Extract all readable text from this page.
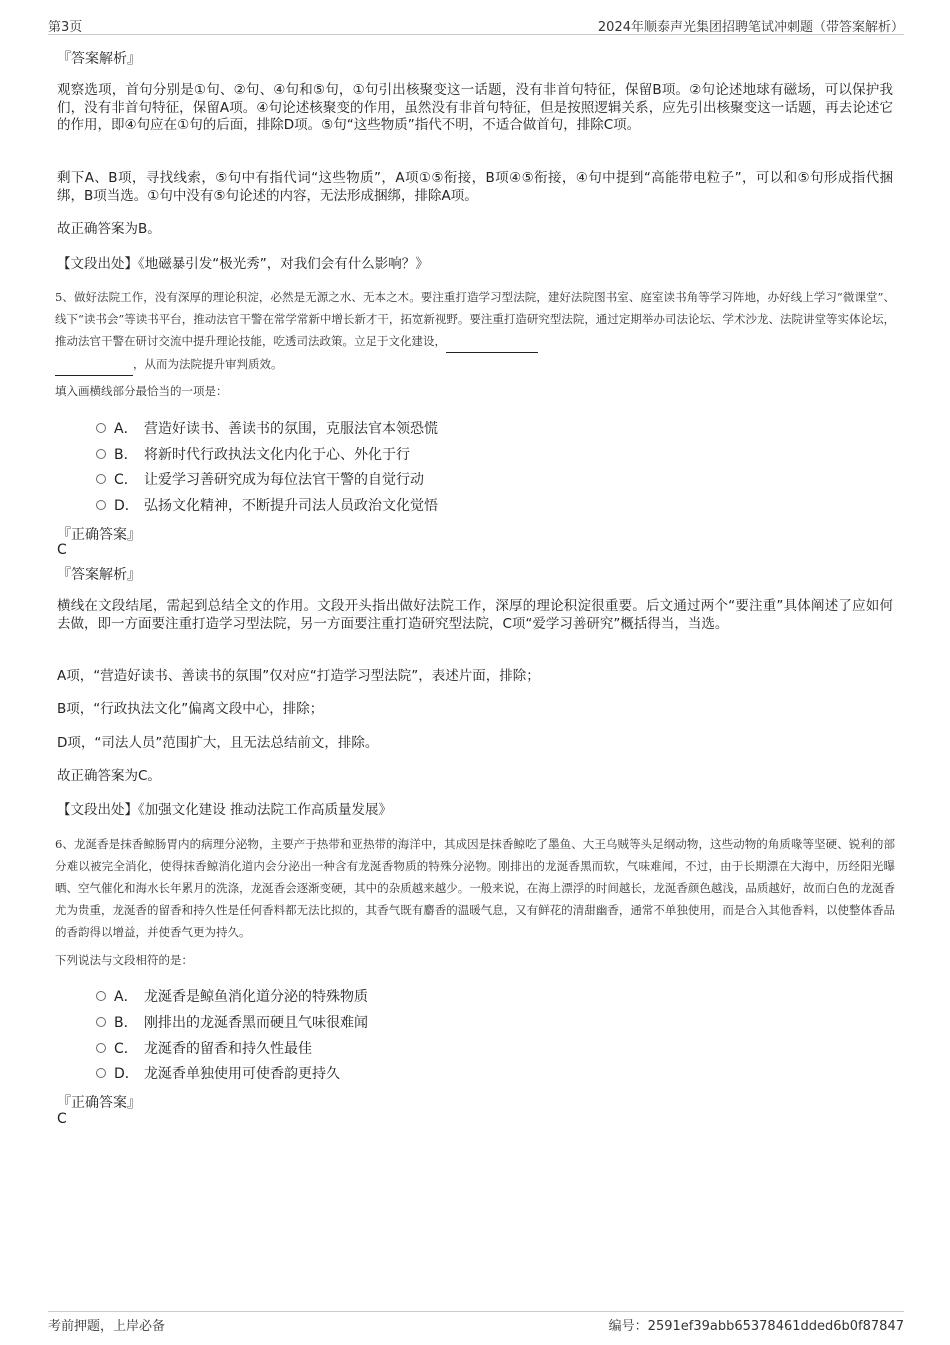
第3页	2024年顺泰声光集团招聘笔试冲刺题（带答案解析）
『答案解析』
观察选项，首句分别是①句、②句、④句和⑤句，①句引出核聚变这一话题，没有非首句特征，保留B项。②句论述地球有磁场，可以保护我们，没有非首句特征，保留A项。④句论述核聚变的作用，虽然没有非首句特征，但是按照逻辑关系，应先引出核聚变这一话题，再去论述它的作用，即④句应在①句的后面，排除D项。⑤句“这些物质”指代不明，不适合做首句，排除C项。
剩下A、B项，寻找线索，⑤句中有指代词“这些物质”，A项①⑤衔接，B项④⑤衔接，④句中提到“高能带电粒子”，可以和⑤句形成指代捆绑，B项当选。①句中没有⑤句论述的内容，无法形成捆绑，排除A项。
故正确答案为B。
【文段出处】《地磁暴引发“极光秀”，对我们会有什么影响？》
5、做好法院工作，没有深厚的理论积淀，必然是无源之水、无本之木。要注重打造学习型法院，建好法院图书室、庭室读书角等学习阵地，办好线上学习“微课堂”、线下“读书会”等读书平台，推动法官干警在常学常新中增长新才干，拓宽新视野。要注重打造研究型法院，通过定期举办司法论坛、学术沙龙、法院讲堂等实体论坛，推动法官干警在研讨交流中提升理论技能，吃透司法政策。立足于文化建设，
，从而为法院提升审判质效。
填入画横线部分最恰当的一项是：
A． 营造好读书、善读书的氛围，克服法官本领恐慌
B． 将新时代行政执法文化内化于心、外化于行
C． 让爱学习善研究成为每位法官干警的自觉行动
D． 弘扬文化精神，不断提升司法人员政治文化觉悟
『正确答案』
C
『答案解析』
横线在文段结尾，需起到总结全文的作用。文段开头指出做好法院工作，深厚的理论积淀很重要。后文通过两个“要注重”具体阐述了应如何去做，即一方面要注重打造学习型法院，另一方面要注重打造研究型法院，C项“爱学习善研究”概括得当，当选。
A项，“营造好读书、善读书的氛围”仅对应“打造学习型法院”，表述片面，排除；
B项，“行政执法文化”偏离文段中心，排除；
D项，“司法人员”范围扩大，且无法总结前文，排除。
故正确答案为C。
【文段出处】《加强文化建设 推动法院工作高质量发展》
6、龙涎香是抹香鲸肠胃内的病理分泌物，主要产于热带和亚热带的海洋中，其成因是抹香鲸吃了墨鱼、大王乌贼等头足纲动物，这些动物的角质喙等坚硬、锐利的部分难以被完全消化，使得抹香鲸消化道内会分泌出一种含有龙涎香物质的特殊分泌物。刚排出的龙涎香黑而软，气味难闻，不过，由于长期漂在大海中，历经阳光曝晒、空气催化和海水长年累月的洗涤，龙涎香会逐渐变硬，其中的杂质越来越少。一般来说，在海上漂浮的时间越长，龙涎香颜色越浅，品质越好，故而白色的龙涎香尤为贵重，龙涎香的留香和持久性是任何香料都无法比拟的，其香气既有麝香的温暖气息，又有鲜花的清甜幽香，通常不单独使用，而是合入其他香料，以使整体香品的香韵得以增益，并使香气更为持久。
下列说法与文段相符的是：
A． 龙涎香是鲸鱼消化道分泌的特殊物质
B． 刚排出的龙涎香黑而硬且气味很难闻
C． 龙涎香的留香和持久性最佳
D． 龙涎香单独使用可使香韵更持久
『正确答案』
C
考前押题，上岸必备	编号：2591ef39abb65378461dded6b0f87847
